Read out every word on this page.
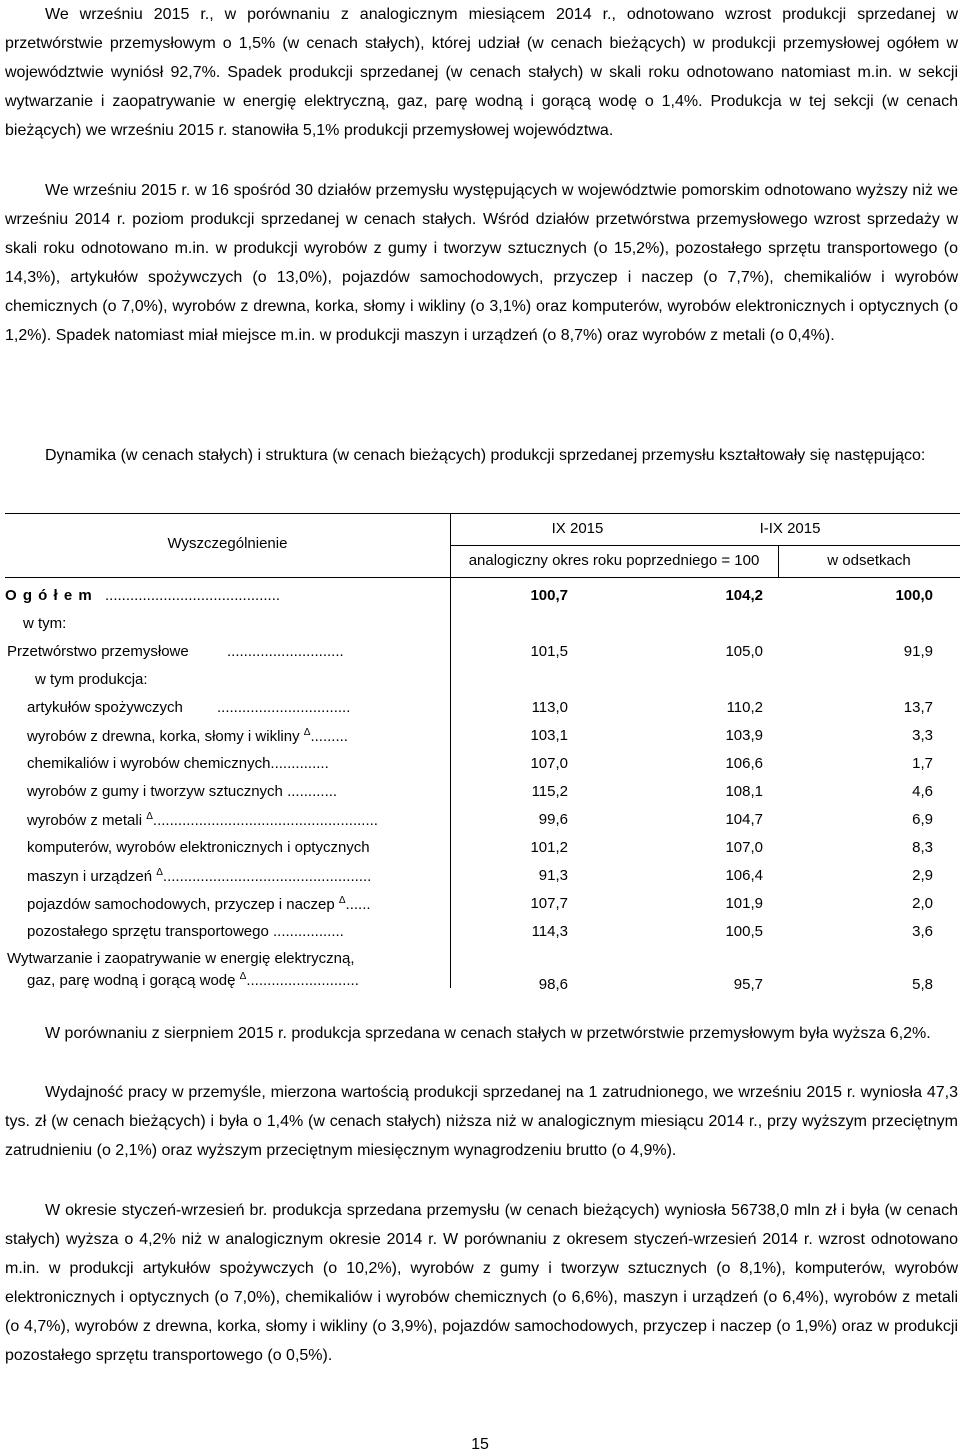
We wrześniu 2015 r., w porównaniu z analogicznym miesiącem 2014 r., odnotowano wzrost produkcji sprzedanej w przetwórstwie przemysłowym o 1,5% (w cenach stałych), której udział (w cenach bieżących) w produkcji przemysłowej ogółem w województwie wyniósł 92,7%. Spadek produkcji sprzedanej (w cenach stałych) w skali roku odnotowano natomiast m.in. w sekcji wytwarzanie i zaopatrywanie w energię elektryczną, gaz, parę wodną i gorącą wodę o 1,4%. Produkcja w tej sekcji (w cenach bieżących) we wrześniu 2015 r. stanowiła 5,1% produkcji przemysłowej województwa.

We wrześniu 2015 r. w 16 spośród 30 działów przemysłu występujących w województwie pomorskim odnotowano wyższy niż we wrześniu 2014 r. poziom produkcji sprzedanej w cenach stałych. Wśród działów przetwórstwa przemysłowego wzrost sprzedaży w skali roku odnotowano m.in. w produkcji wyrobów z gumy i tworzyw sztucznych (o 15,2%), pozostałego sprzętu transportowego (o 14,3%), artykułów spożywczych (o 13,0%), pojazdów samochodowych, przyczep i naczep (o 7,7%), chemikaliów i wyrobów chemicznych (o 7,0%), wyrobów z drewna, korka, słomy i wikliny (o 3,1%) oraz komputerów, wyrobów elektronicznych i optycznych (o 1,2%). Spadek natomiast miał miejsce m.in. w produkcji maszyn i urządzeń (o 8,7%) oraz wyrobów z metali (o 0,4%).

Dynamika (w cenach stałych) i struktura (w cenach bieżących) produkcji sprzedanej przemysłu kształtowały się następująco:

Wyszczególnienie
IX 2015	I-IX 2015
analogiczny okres roku poprzedniego = 100	w odsetkach
O g ó ł e m ..........................................	100,7	104,2	100,0
w tym:
Przetwórstwo przemysłowe	............................	101,5	105,0	91,9
w tym produkcja:
artykułów spożywczych ................................	113,0	110,2	13,7
wyrobów z drewna, korka, słomy i wikliny $^\Delta$.........	103,1	103,9	3,3
chemikaliów i wyrobów chemicznych..............	107,0	106,6	1,7
wyrobów z gumy i tworzyw sztucznych ............	115,2	108,1	4,6
wyrobów z metali $^\Delta$......................................................	99,6	104,7	6,9
komputerów, wyrobów elektronicznych i optycznych	101,2	107,0	8,3
maszyn i urządzeń $^\Delta$..................................................	91,3	106,4	2,9
pojazdów samochodowych, przyczep i naczep $^\Delta$......	107,7	101,9	2,0
pozostałego sprzętu transportowego .................	114,3	100,5	3,6
Wytwarzanie i zaopatrywanie w energię elektryczną,
gaz, parę wodną i gorącą wodę $^\Delta$...........................	98,6	95,7	5,8

W porównaniu z sierpniem 2015 r. produkcja sprzedana w cenach stałych w przetwórstwie przemysłowym była wyższa 6,2%.

Wydajność pracy w przemyśle, mierzona wartością produkcji sprzedanej na 1 zatrudnionego, we wrześniu 2015 r. wyniosła 47,3 tys. zł (w cenach bieżących) i była o 1,4% (w cenach stałych) niższa niż w analogicznym miesiącu 2014 r., przy wyższym przeciętnym zatrudnieniu (o 2,1%) oraz wyższym przeciętnym miesięcznym wynagrodzeniu brutto (o 4,9%).

W okresie styczeń-wrzesień br. produkcja sprzedana przemysłu (w cenach bieżących) wyniosła 56738,0 mln zł i była (w cenach stałych) wyższa o 4,2% niż w analogicznym okresie 2014 r. W porównaniu z okresem styczeń-wrzesień 2014 r. wzrost odnotowano m.in. w produkcji artykułów spożywczych (o 10,2%), wyrobów z gumy i tworzyw sztucznych (o 8,1%), komputerów, wyrobów elektronicznych i optycznych (o 7,0%), chemikaliów i wyrobów chemicznych (o 6,6%), maszyn i urządzeń (o 6,4%), wyrobów z metali (o 4,7%), wyrobów z drewna, korka, słomy i wikliny (o 3,9%), pojazdów samochodowych, przyczep i naczep (o 1,9%) oraz w produkcji pozostałego sprzętu transportowego (o 0,5%).

15
